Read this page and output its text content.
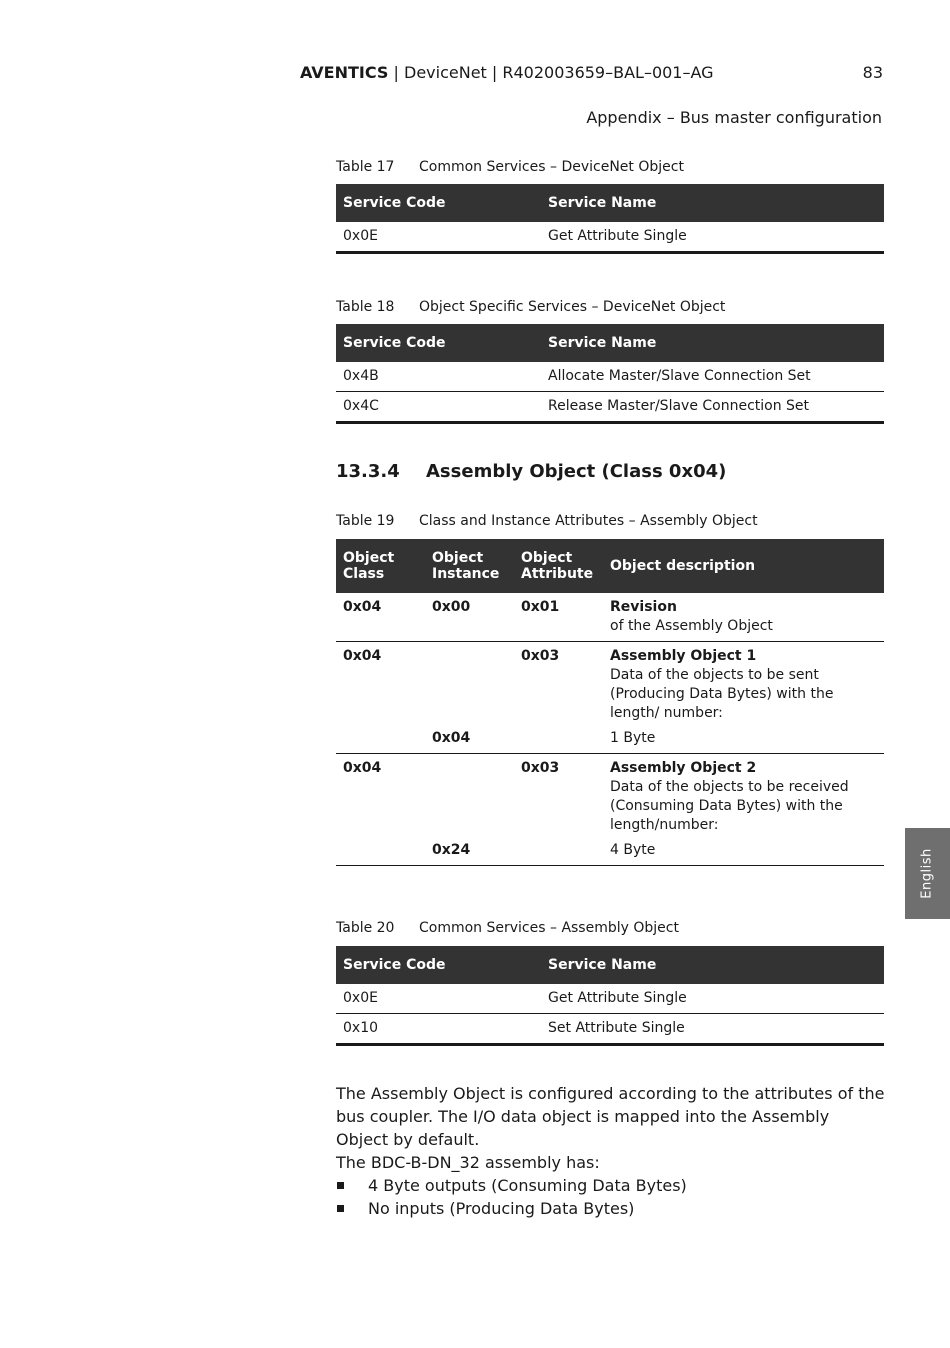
AVENTICS | DeviceNet | R402003659–BAL–001–AG	83
Appendix – Bus master configuration
Table 17 Common Services – DeviceNet Object
Service Code	Service Name
0x0E	Get Attribute Single
Table 18 Object Specific Services – DeviceNet Object
Service Code	Service Name
0x4B	Allocate Master/Slave Connection Set
0x4C	Release Master/Slave Connection Set
13.3.4 Assembly Object (Class 0x04)
Table 19 Class and Instance Attributes – Assembly Object
Object Class	Object Instance	Object Attribute	Object description
0x04	0x00	0x01	Revision
of the Assembly Object

0x04		0x03	Assembly Object 1
Data of the objects to be sent (Producing Data Bytes) with the length/ number:

	0x04		1 Byte
0x04		0x03	Assembly Object 2
Data of the objects to be received (Consuming Data Bytes) with the length/number:

	0x24		4 Byte
Table 20 Common Services – Assembly Object
Service Code	Service Name
0x0E	Get Attribute Single
0x10	Set Attribute Single

The Assembly Object is configured according to the attributes of the bus coupler. The I/O data object is mapped into the Assembly Object by default.

The BDC-B-DN_32 assembly has:

4 Byte outputs (Consuming Data Bytes)
No inputs (Producing Data Bytes)
English
